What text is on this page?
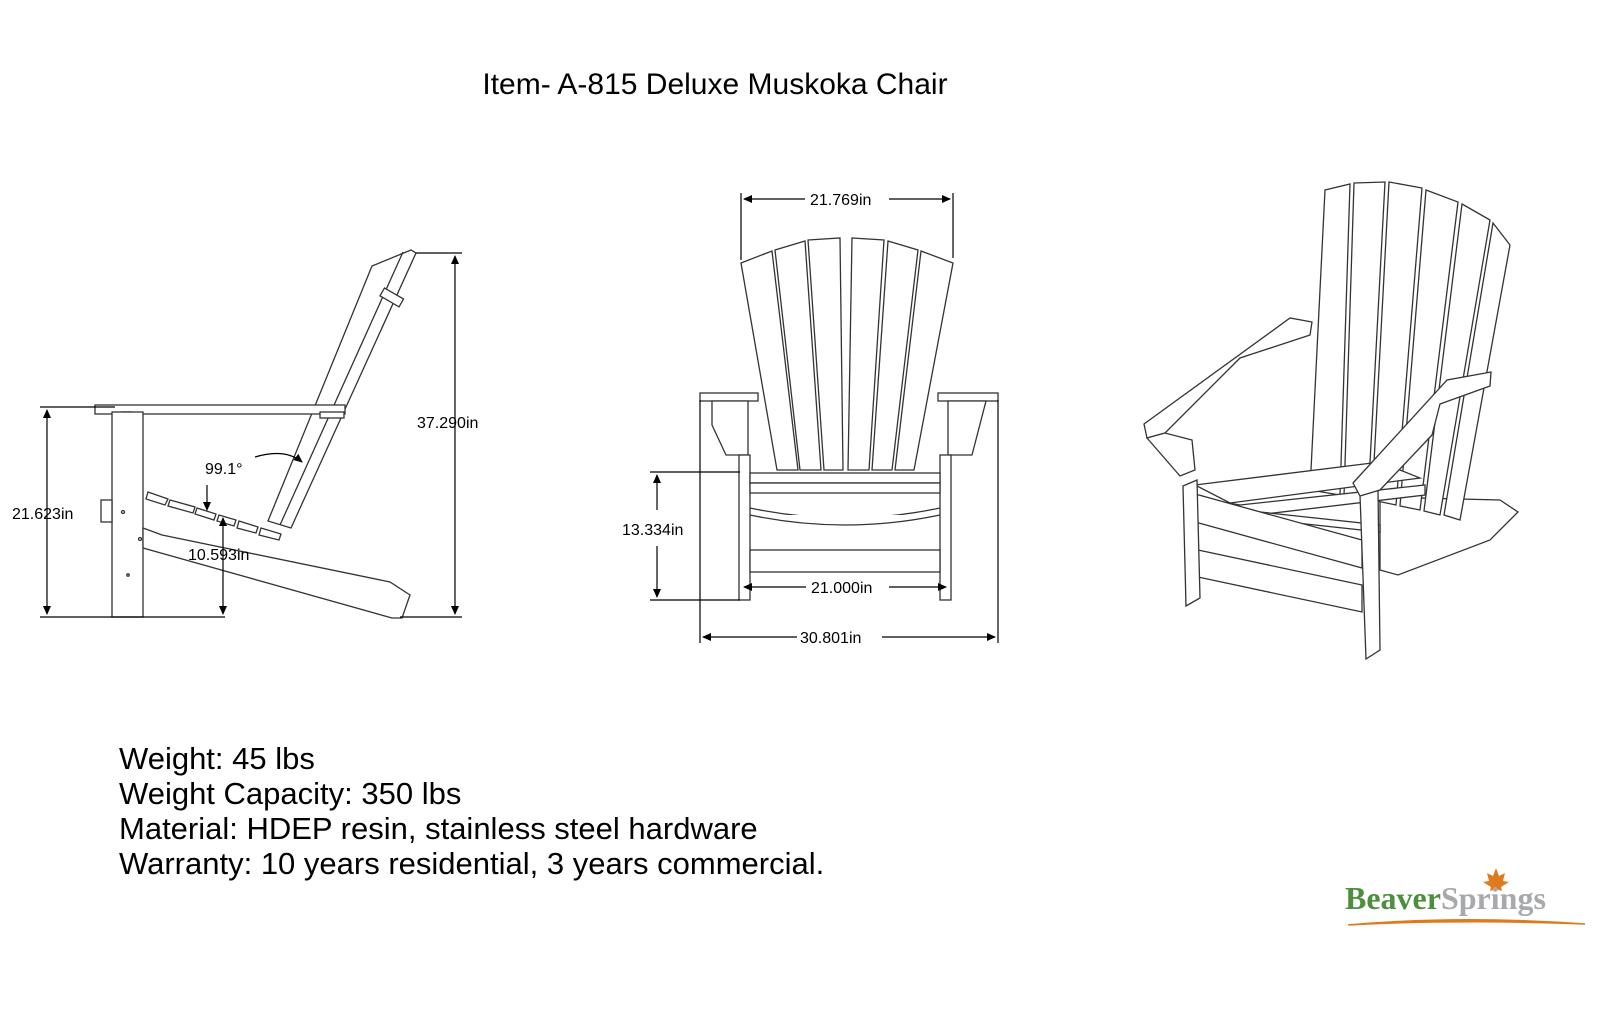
Item- A-815 Deluxe Muskoka Chair
21.623in
37.290in
99.1°
10.593in
21.769in
13.334in
21.000in
30.801in
Weight: 45 lbs
Weight Capacity: 350 lbs
Material: HDEP resin, stainless steel hardware
Warranty: 10 years residential, 3 years commercial.
BeaverSprings
